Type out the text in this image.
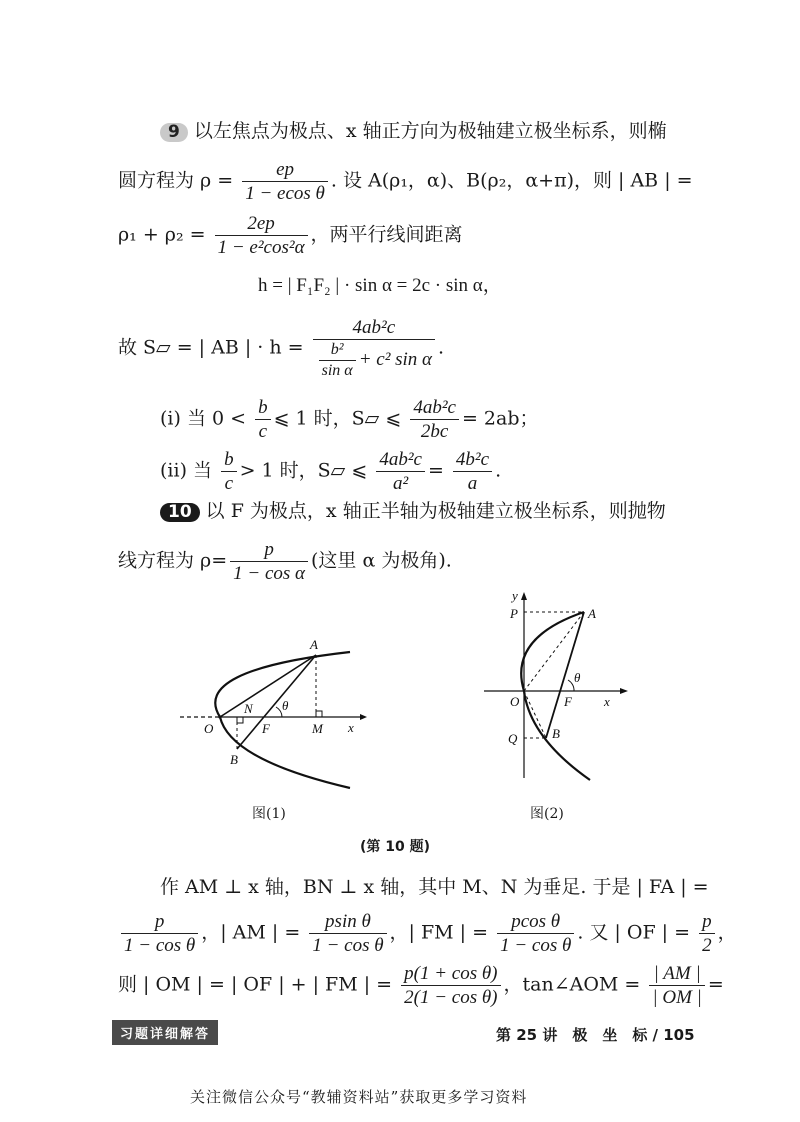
9 以左焦点为极点、x 轴正方向为极轴建立极坐标系，则椭
圆方程为 $\rho = \frac{ep}{\text{1 − ecos θ}}$ . 设 A(ρ₁，α)、B(ρ₂，α+π)，则 | AB | =
$\rho_1 + \rho_2 = \frac{2ep}{\text{1 − e²cos²α}}$ ，两平行线间距离
h = | F₁F₂ | · sin α = 2c · sin α，
故 S▱ = | AB | · $h = \frac{\text{4ab²c}}{\frac{\text{b²}}{\text{sin α}} + c^2 \sin \alpha}$ .
(i) 当 $0 < \frac{b}{c}$ ⩽ 1 时，S▱ ⩽ $\frac{\text{4ab²c}}{2bc} = 2ab$；
(ii) 当 $\frac{b}{c} > 1$ 时，S▱ ⩽ $\frac{\text{4ab²c}}{\text{a²}} = \frac{\text{4b²c}}{a}$ .
10 以 F 为极点，x 轴正半轴为极轴建立极坐标系，则抛物
线方程为 $\rho= \frac{p}{\text{1 − cos α}}$ (这里 α 为极角).
A
N θ
O	F	M x
B
图(1)
y
P	A
θ
O	F x
Q	B
图(2)
(第 10 题)
作 AM ⊥ x 轴，BN ⊥ x 轴，其中 M、N 为垂足. 于是 | FA | =
$\frac{p}{\text{1 − cos θ}}$ ，| AM | = $\frac{\text{psin θ}}{\text{1 − cos θ}}$ ，| FM | = $\frac{\text{pcos θ}}{\text{1 − cos θ}}$ . 又 | OF | = $\frac{p}{2}$ ，
则 | OM | = | OF | + | FM | = $\frac{\text{p(1 + cos θ)}}{\text{2(1 − cos θ)}}$ ，tan∠AOM = $\frac{| AM |}{| OM |}$ =
习题详细解答	第 25 讲　极　坐　标 / 105
关注微信公众号“教辅资料站”获取更多学习资料
